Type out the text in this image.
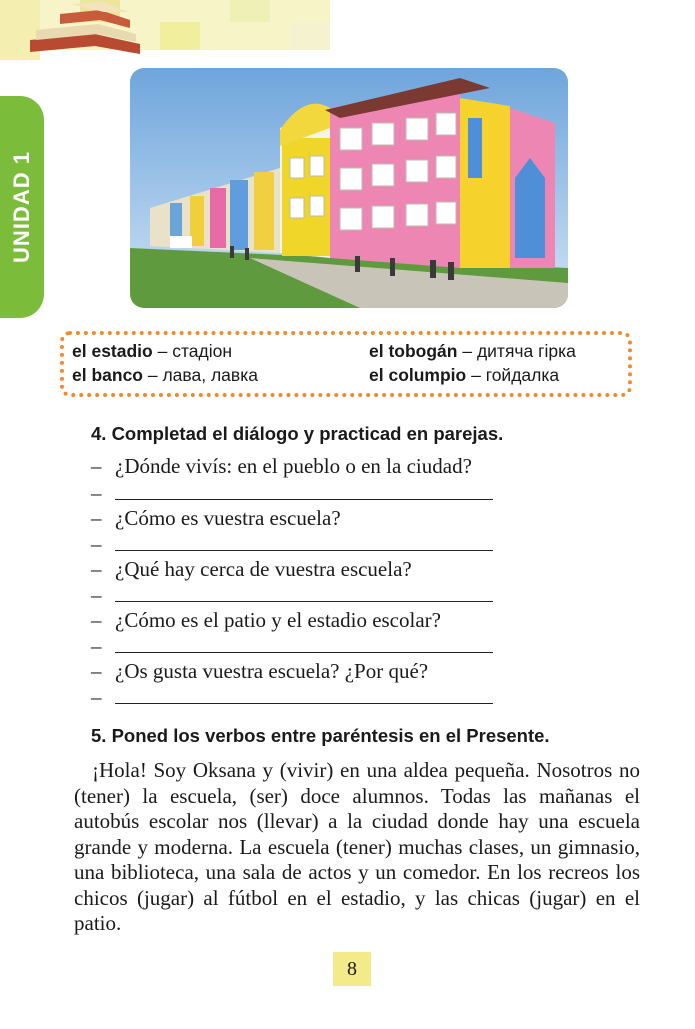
UNIDAD 1
el estadio – стадіон	el tobogán – дитяча гірка
el banco – лава, лавка	el columpio – гойдалка
4. Completad el diálogo y practicad en parejas.
– ¿Dónde vivís: en el pueblo o en la ciudad?
–
– ¿Cómo es vuestra escuela?
–
– ¿Qué hay cerca de vuestra escuela?
–
– ¿Cómo es el patio y el estadio escolar?
–
– ¿Os gusta vuestra escuela? ¿Por qué?
–
5. Poned los verbos entre paréntesis en el Presente.
¡Hola! Soy Oksana y (vivir) en una aldea pequeña. Nosotros no (tener) la escuela, (ser) doce alumnos. Todas las mañanas el autobús escolar nos (llevar) a la ciudad donde hay una escuela grande y moderna. La escuela (tener) muchas clases, un gimnasio, una biblioteca, una sala de actos y un comedor. En los recreos los chicos (jugar) al fútbol en el estadio, y las chicas (jugar) en el patio.
8
